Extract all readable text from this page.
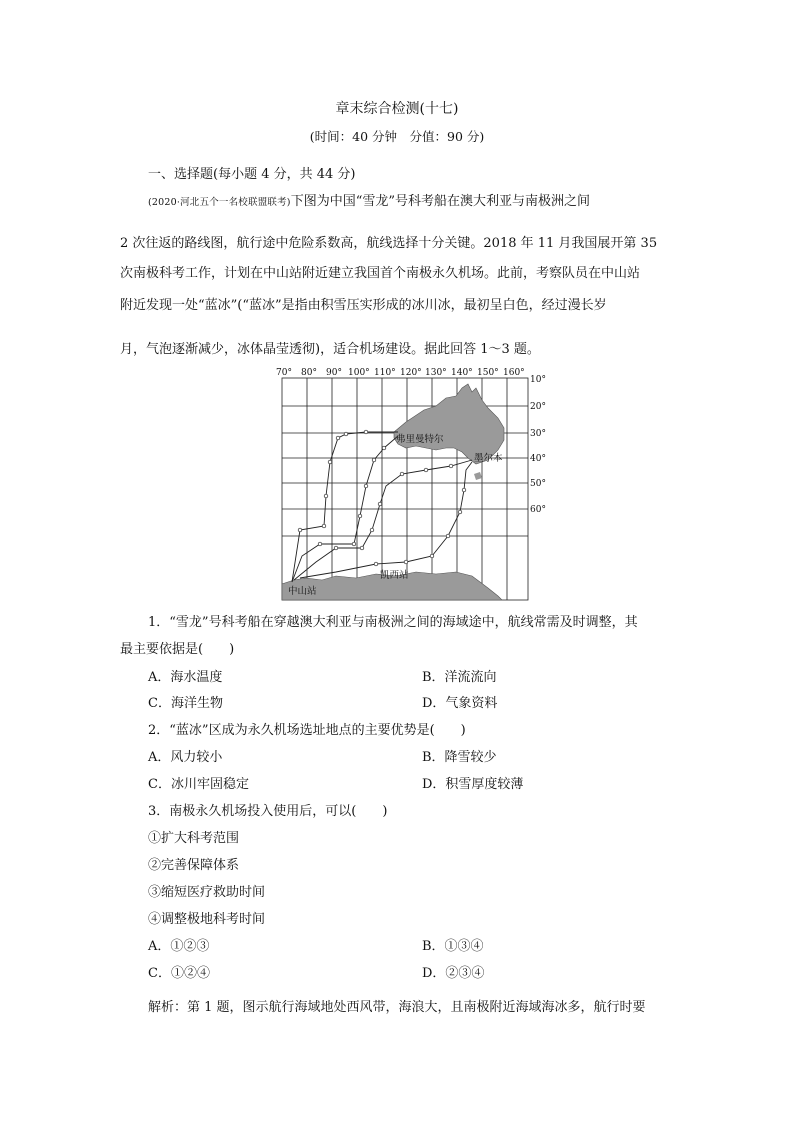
章末综合检测(十七)
(时间：40 分钟　分值：90 分)
一、选择题(每小题 4 分，共 44 分)
(2020·河北五个一名校联盟联考)下图为中国“雪龙”号科考船在澳大利亚与南极洲之间
2 次往返的路线图，航行途中危险系数高，航线选择十分关键。2018 年 11 月我国展开第 35
次南极科考工作，计划在中山站附近建立我国首个南极永久机场。此前，考察队员在中山站
附近发现一处“蓝冰”(“蓝冰”是指由积雪压实形成的冰川冰，最初呈白色，经过漫长岁
月，气泡逐渐减少，冰体晶莹透彻)，适合机场建设。据此回答 1～3 题。
70° 80° 90° 100° 110° 120° 130° 140° 150° 160°
10°
20°
30°
40°
50°
60°
弗里曼特尔
墨尔本
凯西站
中山站
1．“雪龙”号科考船在穿越澳大利亚与南极洲之间的海域途中，航线常需及时调整，其
最主要依据是(　　)
A．海水温度	B．洋流流向
C．海洋生物	D．气象资料
2．“蓝冰”区成为永久机场选址地点的主要优势是(　　)
A．风力较小	B．降雪较少
C．冰川牢固稳定	D．积雪厚度较薄
3．南极永久机场投入使用后，可以(　　)
①扩大科考范围
②完善保障体系
③缩短医疗救助时间
④调整极地科考时间
A．①②③	B．①③④
C．①②④	D．②③④
解析：第 1 题，图示航行海域地处西风带，海浪大，且南极附近海域海冰多，航行时要
